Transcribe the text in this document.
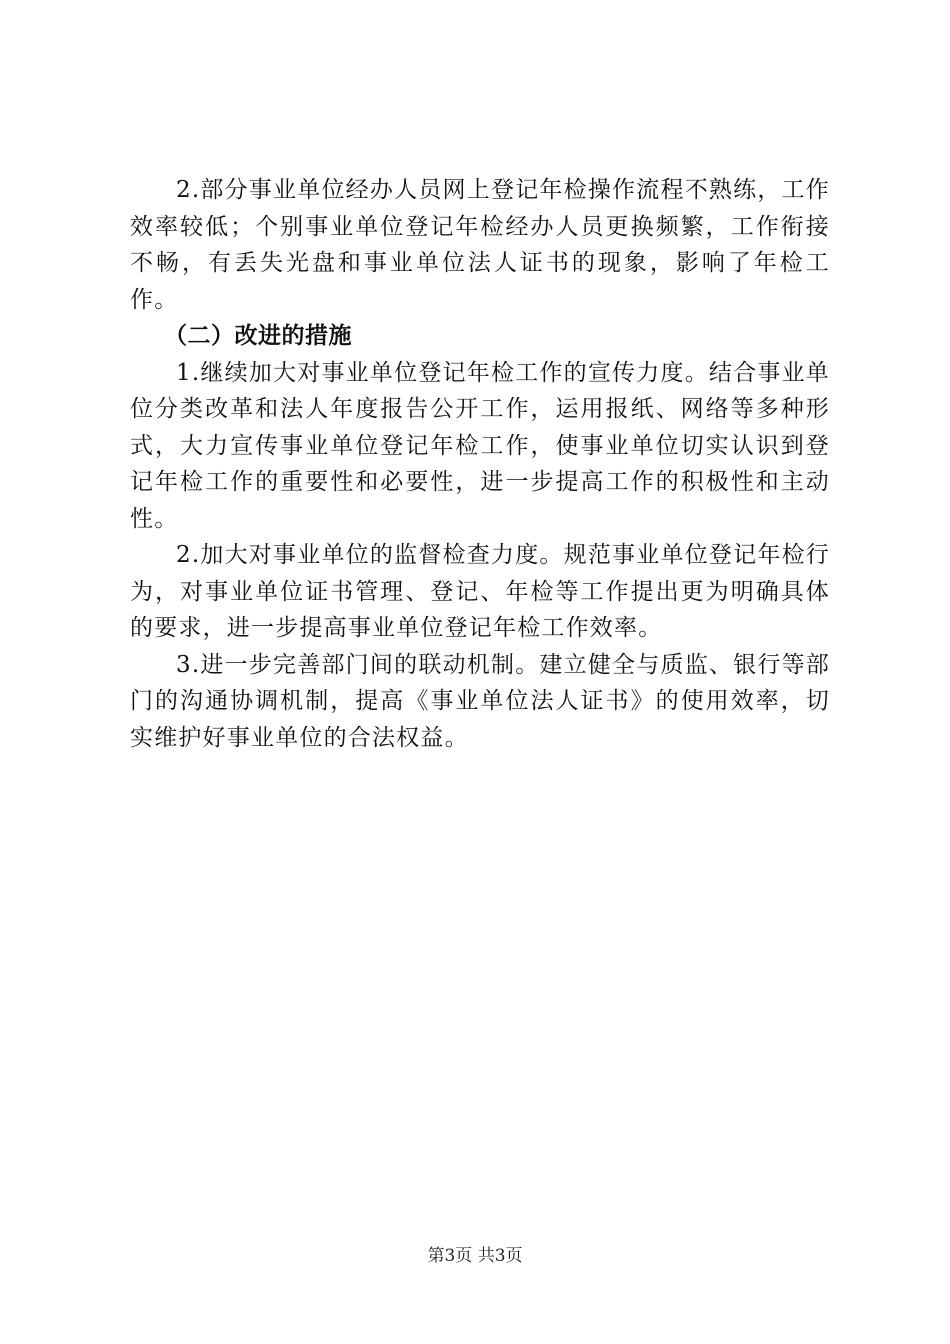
2.部分事业单位经办人员网上登记年检操作流程不熟练，工作效率较低；个别事业单位登记年检经办人员更换频繁，工作衔接不畅，有丢失光盘和事业单位法人证书的现象，影响了年检工作。

（二）改进的措施

1.继续加大对事业单位登记年检工作的宣传力度。结合事业单位分类改革和法人年度报告公开工作，运用报纸、网络等多种形式，大力宣传事业单位登记年检工作，使事业单位切实认识到登记年检工作的重要性和必要性，进一步提高工作的积极性和主动性。

2.加大对事业单位的监督检查力度。规范事业单位登记年检行为，对事业单位证书管理、登记、年检等工作提出更为明确具体的要求，进一步提高事业单位登记年检工作效率。

3.进一步完善部门间的联动机制。建立健全与质监、银行等部门的沟通协调机制，提高《事业单位法人证书》的使用效率，切实维护好事业单位的合法权益。

第3页 共3页
